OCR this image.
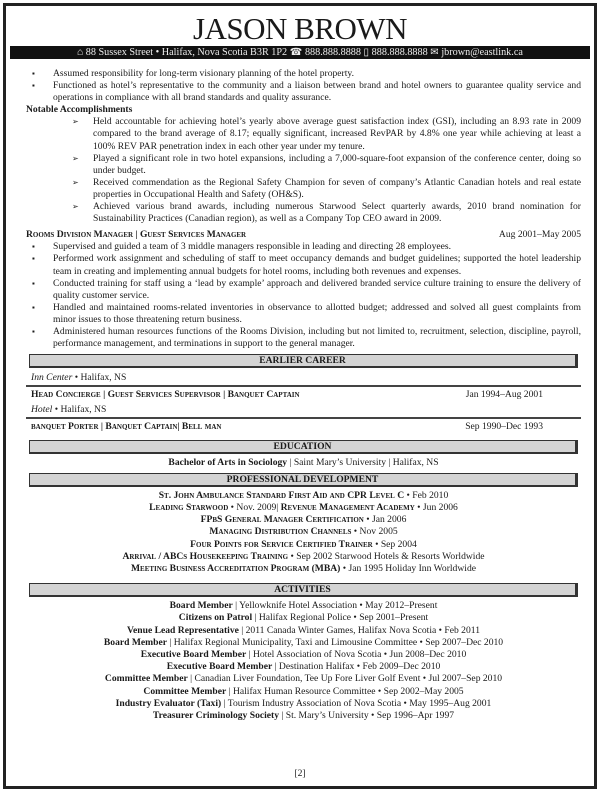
JASON BROWN
⌂ 88 Sussex Street • Halifax, Nova Scotia B3R 1P2 ☎ 888.888.8888 ▯ 888.888.8888 ✉ jbrown@eastlink.ca
▪ Assumed responsibility for long-term visionary planning of the hotel property.
▪ Functioned as hotel’s representative to the community and a liaison between brand and hotel owners to guarantee quality service and operations in compliance with all brand standards and quality assurance.
Notable Accomplishments
➢ Held accountable for achieving hotel’s yearly above average guest satisfaction index (GSI), including an 8.93 rate in 2009 compared to the brand average of 8.17; equally significant, increased RevPAR by 4.8% one year while achieving at least a 100% REV PAR penetration index in each other year under my tenure.
➢ Played a significant role in two hotel expansions, including a 7,000-square-foot expansion of the conference center, doing so under budget.
➢ Received commendation as the Regional Safety Champion for seven of company’s Atlantic Canadian hotels and real estate properties in Occupational Health and Safety (OH&S).
➢ Achieved various brand awards, including numerous Starwood Select quarterly awards, 2010 brand nomination for Sustainability Practices (Canadian region), as well as a Company Top CEO award in 2009.
Rooms Division Manager | Guest Services Manager	Aug 2001–May 2005
▪ Supervised and guided a team of 3 middle managers responsible in leading and directing 28 employees.
▪ Performed work assignment and scheduling of staff to meet occupancy demands and budget guidelines; supported the hotel leadership team in creating and implementing annual budgets for hotel rooms, including both revenues and expenses.
▪ Conducted training for staff using a ‘lead by example’ approach and delivered branded service culture training to ensure the delivery of quality customer service.
▪ Handled and maintained rooms-related inventories in observance to allotted budget; addressed and solved all guest complaints from minor issues to those threatening return business.
▪ Administered human resources functions of the Rooms Division, including but not limited to, recruitment, selection, discipline, payroll, performance management, and terminations in support to the general manager.
EARLIER CAREER
Inn Center • Halifax, NS
Head Concierge | Guest Services Supervisor | Banquet Captain	Jan 1994–Aug 2001
Hotel • Halifax, NS
banquet Porter | Banquet Captain| Bell man	Sep 1990–Dec 1993
EDUCATION
Bachelor of Arts in Sociology | Saint Mary’s University | Halifax, NS
PROFESSIONAL DEVELOPMENT
St. John Ambulance Standard First Aid and CPR Level C • Feb 2010
Leading Starwood • Nov. 2009| Revenue Management Academy • Jun 2006
FPbS General Manager Certification • Jan 2006
Managing Distribution Channels • Nov 2005
Four Points for Service Certified Trainer • Sep 2004
Arrival / ABCs Housekeeping Training • Sep 2002 Starwood Hotels & Resorts Worldwide
Meeting Business Accreditation Program (MBA) • Jan 1995 Holiday Inn Worldwide
ACTIVITIES
Board Member | Yellowknife Hotel Association • May 2012–Present
Citizens on Patrol | Halifax Regional Police • Sep 2001–Present
Venue Lead Representative | 2011 Canada Winter Games, Halifax Nova Scotia • Feb 2011
Board Member | Halifax Regional Municipality, Taxi and Limousine Committee • Sep 2007–Dec 2010
Executive Board Member | Hotel Association of Nova Scotia • Jun 2008–Dec 2010
Executive Board Member | Destination Halifax • Feb 2009–Dec 2010
Committee Member | Canadian Liver Foundation, Tee Up Fore Liver Golf Event • Jul 2007–Sep 2010
Committee Member | Halifax Human Resource Committee • Sep 2002–May 2005
Industry Evaluator (Taxi) | Tourism Industry Association of Nova Scotia • May 1995–Aug 2001
Treasurer Criminology Society | St. Mary’s University • Sep 1996–Apr 1997
[2]
